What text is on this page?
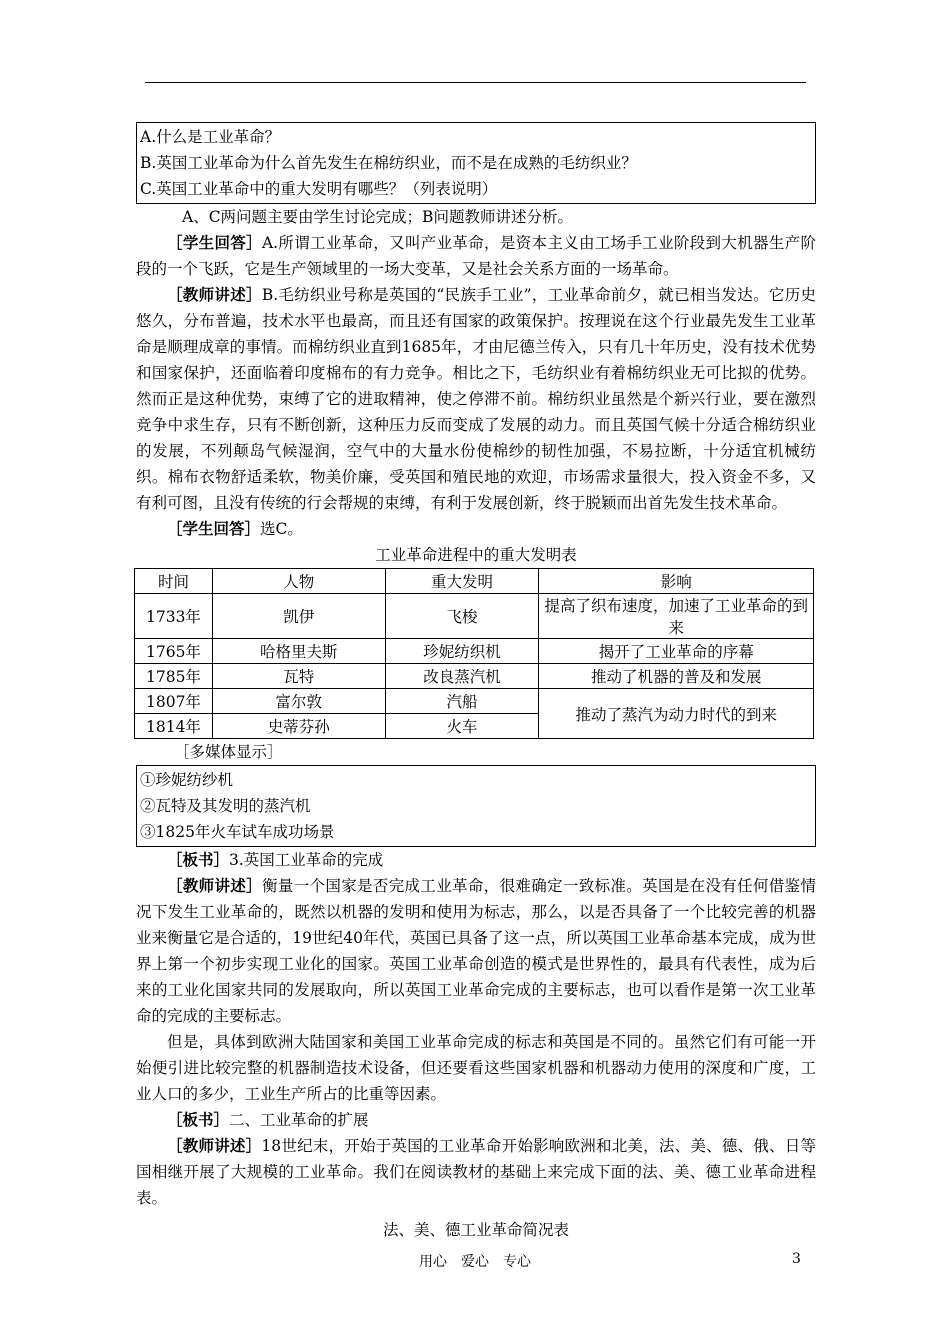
A.什么是工业革命？
B.英国工业革命为什么首先发生在棉纺织业，而不是在成熟的毛纺织业？
C.英国工业革命中的重大发明有哪些？（列表说明）

A、C两问题主要由学生讨论完成；B问题教师讲述分析。

［学生回答］A.所谓工业革命，又叫产业革命，是资本主义由工场手工业阶段到大机器生产阶段的一个飞跃，它是生产领域里的一场大变革，又是社会关系方面的一场革命。

［教师讲述］B.毛纺织业号称是英国的“民族手工业”，工业革命前夕，就已相当发达。它历史悠久，分布普遍，技术水平也最高，而且还有国家的政策保护。按理说在这个行业最先发生工业革命是顺理成章的事情。而棉纺织业直到1685年，才由尼德兰传入，只有几十年历史，没有技术优势和国家保护，还面临着印度棉布的有力竞争。相比之下，毛纺织业有着棉纺织业无可比拟的优势。然而正是这种优势，束缚了它的进取精神，使之停滞不前。棉纺织业虽然是个新兴行业，要在激烈竞争中求生存，只有不断创新，这种压力反而变成了发展的动力。而且英国气候十分适合棉纺织业的发展，不列颠岛气候湿润，空气中的大量水份使棉纱的韧性加强，不易拉断，十分适宜机械纺织。棉布衣物舒适柔软，物美价廉，受英国和殖民地的欢迎，市场需求量很大，投入资金不多，又有利可图，且没有传统的行会帮规的束缚，有利于发展创新，终于脱颖而出首先发生技术革命。

［学生回答］选C。

工业革命进程中的重大发明表
时间	人物	重大发明	影响
1733年	凯伊	飞梭	提高了织布速度，加速了工业革命的到来
1765年	哈格里夫斯	珍妮纺织机	揭开了工业革命的序幕
1785年	瓦特	改良蒸汽机	推动了机器的普及和发展
1807年	富尔敦	汽船	推动了蒸汽为动力时代的到来
1814年	史蒂芬孙	火车	

［多媒体显示］

①珍妮纺纱机
②瓦特及其发明的蒸汽机
③1825年火车试车成功场景

［板书］3.英国工业革命的完成

［教师讲述］衡量一个国家是否完成工业革命，很难确定一致标准。英国是在没有任何借鉴情况下发生工业革命的，既然以机器的发明和使用为标志，那么，以是否具备了一个比较完善的机器业来衡量它是合适的，19世纪40年代，英国已具备了这一点，所以英国工业革命基本完成，成为世界上第一个初步实现工业化的国家。英国工业革命创造的模式是世界性的，最具有代表性，成为后来的工业化国家共同的发展取向，所以英国工业革命完成的主要标志，也可以看作是第一次工业革命的完成的主要标志。

但是，具体到欧洲大陆国家和美国工业革命完成的标志和英国是不同的。虽然它们有可能一开始便引进比较完整的机器制造技术设备，但还要看这些国家机器和机器动力使用的深度和广度，工业人口的多少，工业生产所占的比重等因素。

［板书］二、工业革命的扩展

［教师讲述］18世纪末，开始于英国的工业革命开始影响欧洲和北美，法、美、德、俄、日等国相继开展了大规模的工业革命。我们在阅读教材的基础上来完成下面的法、美、德工业革命进程表。

法、美、德工业革命简况表
用心　爱心　专心	3
